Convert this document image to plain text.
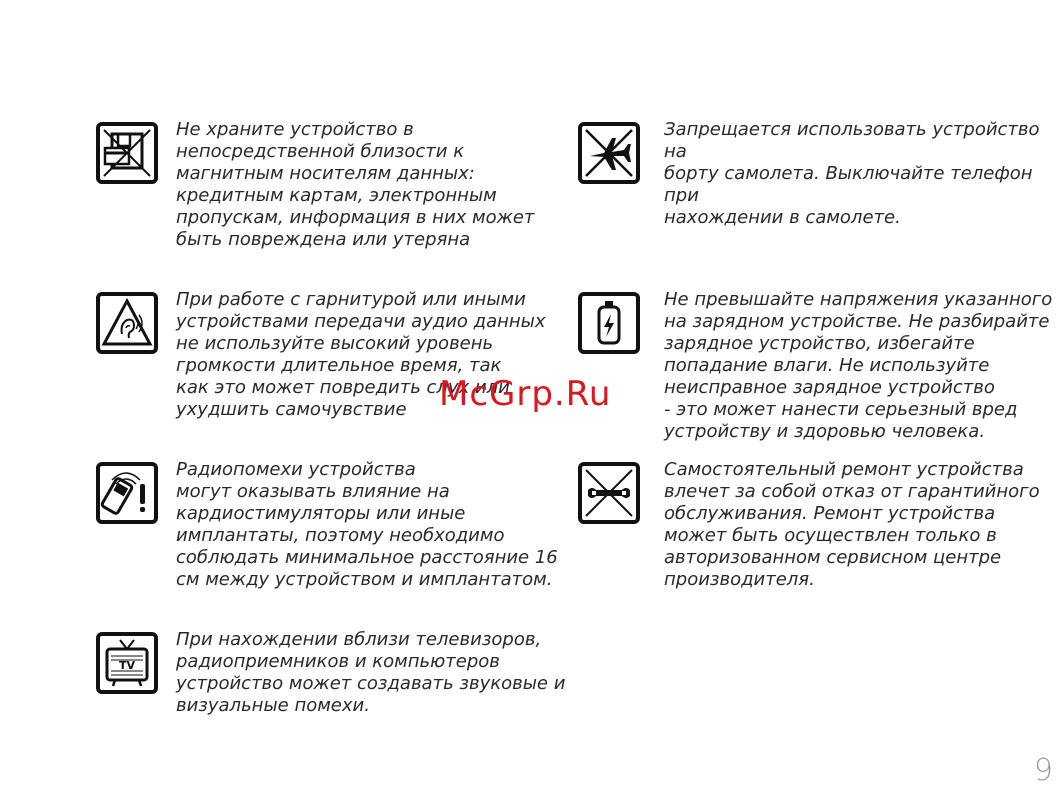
Не храните устройство в
непосредственной близости к
магнитным носителям данных:
кредитным картам, электронным
пропускам, информация в них может
быть повреждена или утеряна
Запрещается использовать устройство на
борту самолета. Выключайте телефон при
нахождении в самолете.
При работе с гарнитурой или иными
устройствами передачи аудио данных
не используйте высокий уровень
громкости длительное время, так
как это может повредить слух или
ухудшить самочувствие
Не превышайте напряжения указанного
на зарядном устройстве. Не разбирайте
зарядное устройство, избегайте
попадание влаги. Не используйте
неисправное зарядное устройство
- это может нанести серьезный вред
устройству и здоровью человека.
Радиопомехи устройства
могут оказывать влияние на
кардиостимуляторы или иные
имплантаты, поэтому необходимо
соблюдать минимальное расстояние 16
см между устройством и имплантатом.
Самостоятельный ремонт устройства
влечет за собой отказ от гарантийного
обслуживания. Ремонт устройства
может быть осуществлен только в
авторизованном сервисном центре
производителя.
TV
При нахождении вблизи телевизоров,
радиоприемников и компьютеров
устройство может создавать звуковые и
визуальные помехи.
McGrp.Ru
9
